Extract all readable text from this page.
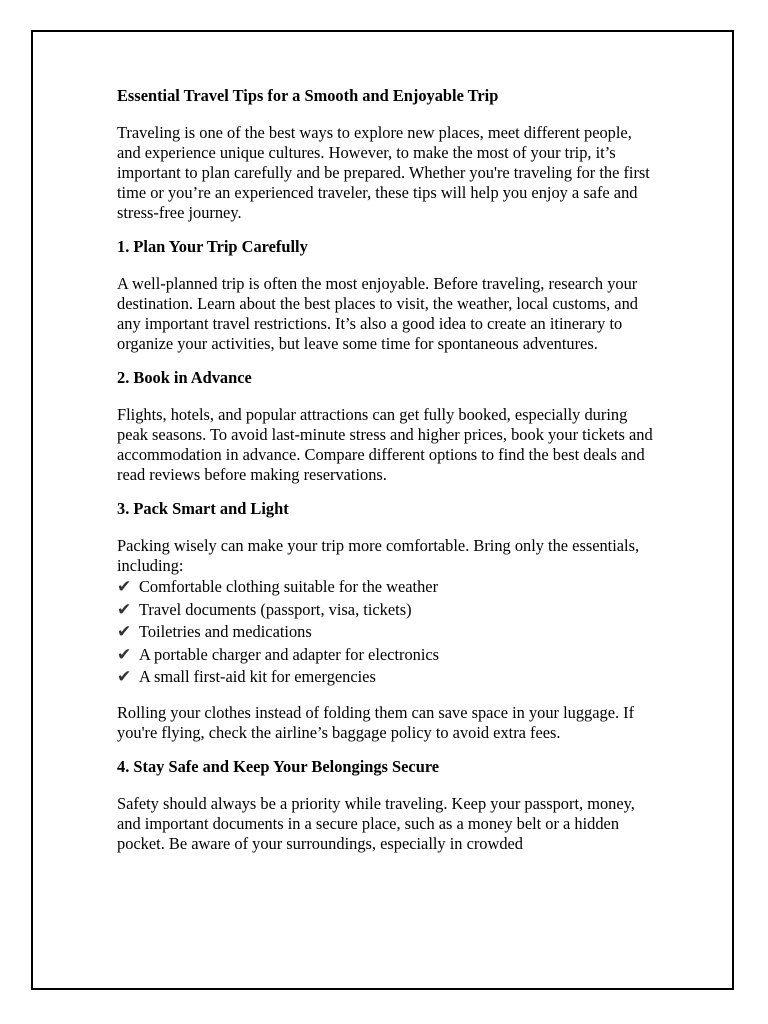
Essential Travel Tips for a Smooth and Enjoyable Trip

Traveling is one of the best ways to explore new places, meet different people, and experience unique cultures. However, to make the most of your trip, it’s important to plan carefully and be prepared. Whether you're traveling for the first time or you’re an experienced traveler, these tips will help you enjoy a safe and stress-free journey.

1. Plan Your Trip Carefully

A well-planned trip is often the most enjoyable. Before traveling, research your destination. Learn about the best places to visit, the weather, local customs, and any important travel restrictions. It’s also a good idea to create an itinerary to organize your activities, but leave some time for spontaneous adventures.

2. Book in Advance

Flights, hotels, and popular attractions can get fully booked, especially during peak seasons. To avoid last-minute stress and higher prices, book your tickets and accommodation in advance. Compare different options to find the best deals and read reviews before making reservations.

3. Pack Smart and Light

Packing wisely can make your trip more comfortable. Bring only the essentials, including:

✔ Comfortable clothing suitable for the weather
✔ Travel documents (passport, visa, tickets)
✔ Toiletries and medications
✔ A portable charger and adapter for electronics
✔ A small first-aid kit for emergencies

Rolling your clothes instead of folding them can save space in your luggage. If you're flying, check the airline’s baggage policy to avoid extra fees.

4. Stay Safe and Keep Your Belongings Secure

Safety should always be a priority while traveling. Keep your passport, money, and important documents in a secure place, such as a money belt or a hidden pocket. Be aware of your surroundings, especially in crowded
